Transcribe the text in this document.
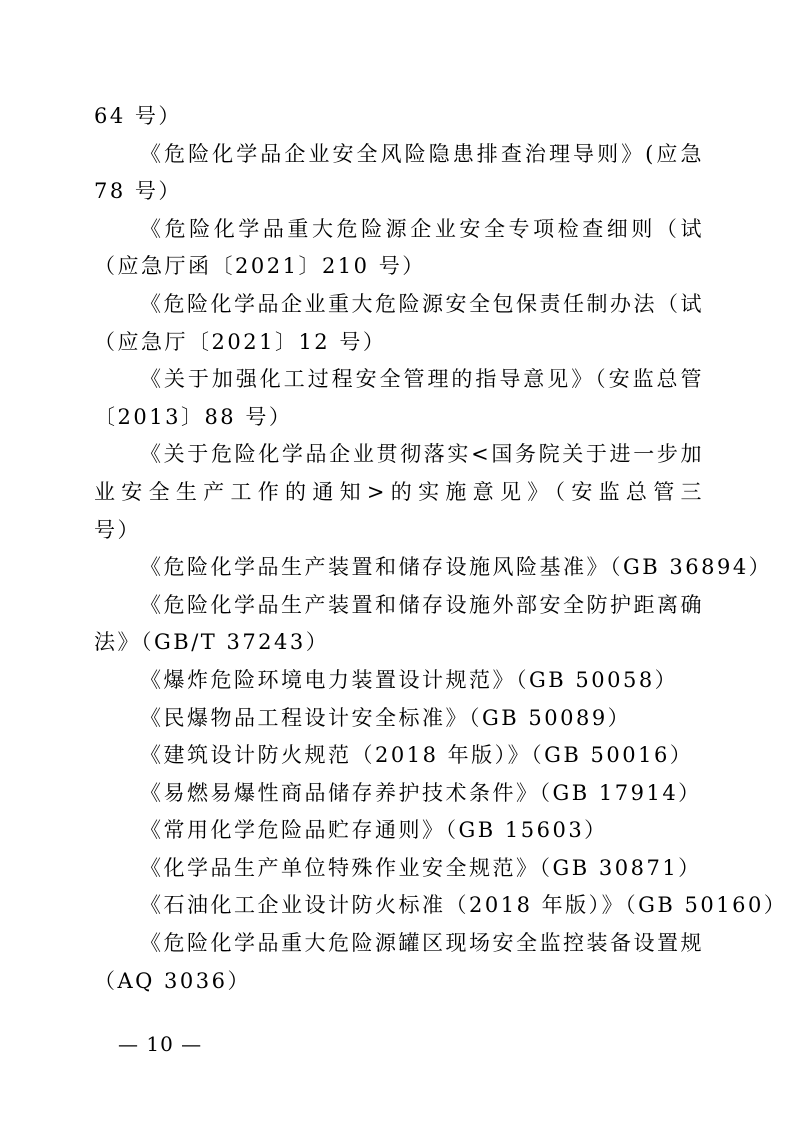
64 号）
《危险化学品企业安全风险隐患排查治理导则》(应急
78 号）
《危险化学品重大危险源企业安全专项检查细则（试
（应急厅函〔2021〕210 号）
《危险化学品企业重大危险源安全包保责任制办法（试
（应急厅〔2021〕12 号）
《关于加强化工过程安全管理的指导意见》（安监总管
〔2013〕88 号）
《关于危险化学品企业贯彻落实<国务院关于进一步加
业安全生产工作的通知>的实施意见》（安监总管三
号）
《危险化学品生产装置和储存设施风险基准》（GB 36894）
《危险化学品生产装置和储存设施外部安全防护距离确
法》（GB/T 37243）
《爆炸危险环境电力装置设计规范》（GB 50058）
《民爆物品工程设计安全标准》（GB 50089）
《建筑设计防火规范（2018 年版）》（GB 50016）
《易燃易爆性商品储存养护技术条件》（GB 17914）
《常用化学危险品贮存通则》（GB 15603）
《化学品生产单位特殊作业安全规范》（GB 30871）
《石油化工企业设计防火标准（2018 年版）》（GB 50160）
《危险化学品重大危险源罐区现场安全监控装备设置规
（AQ 3036）
— 10 —
